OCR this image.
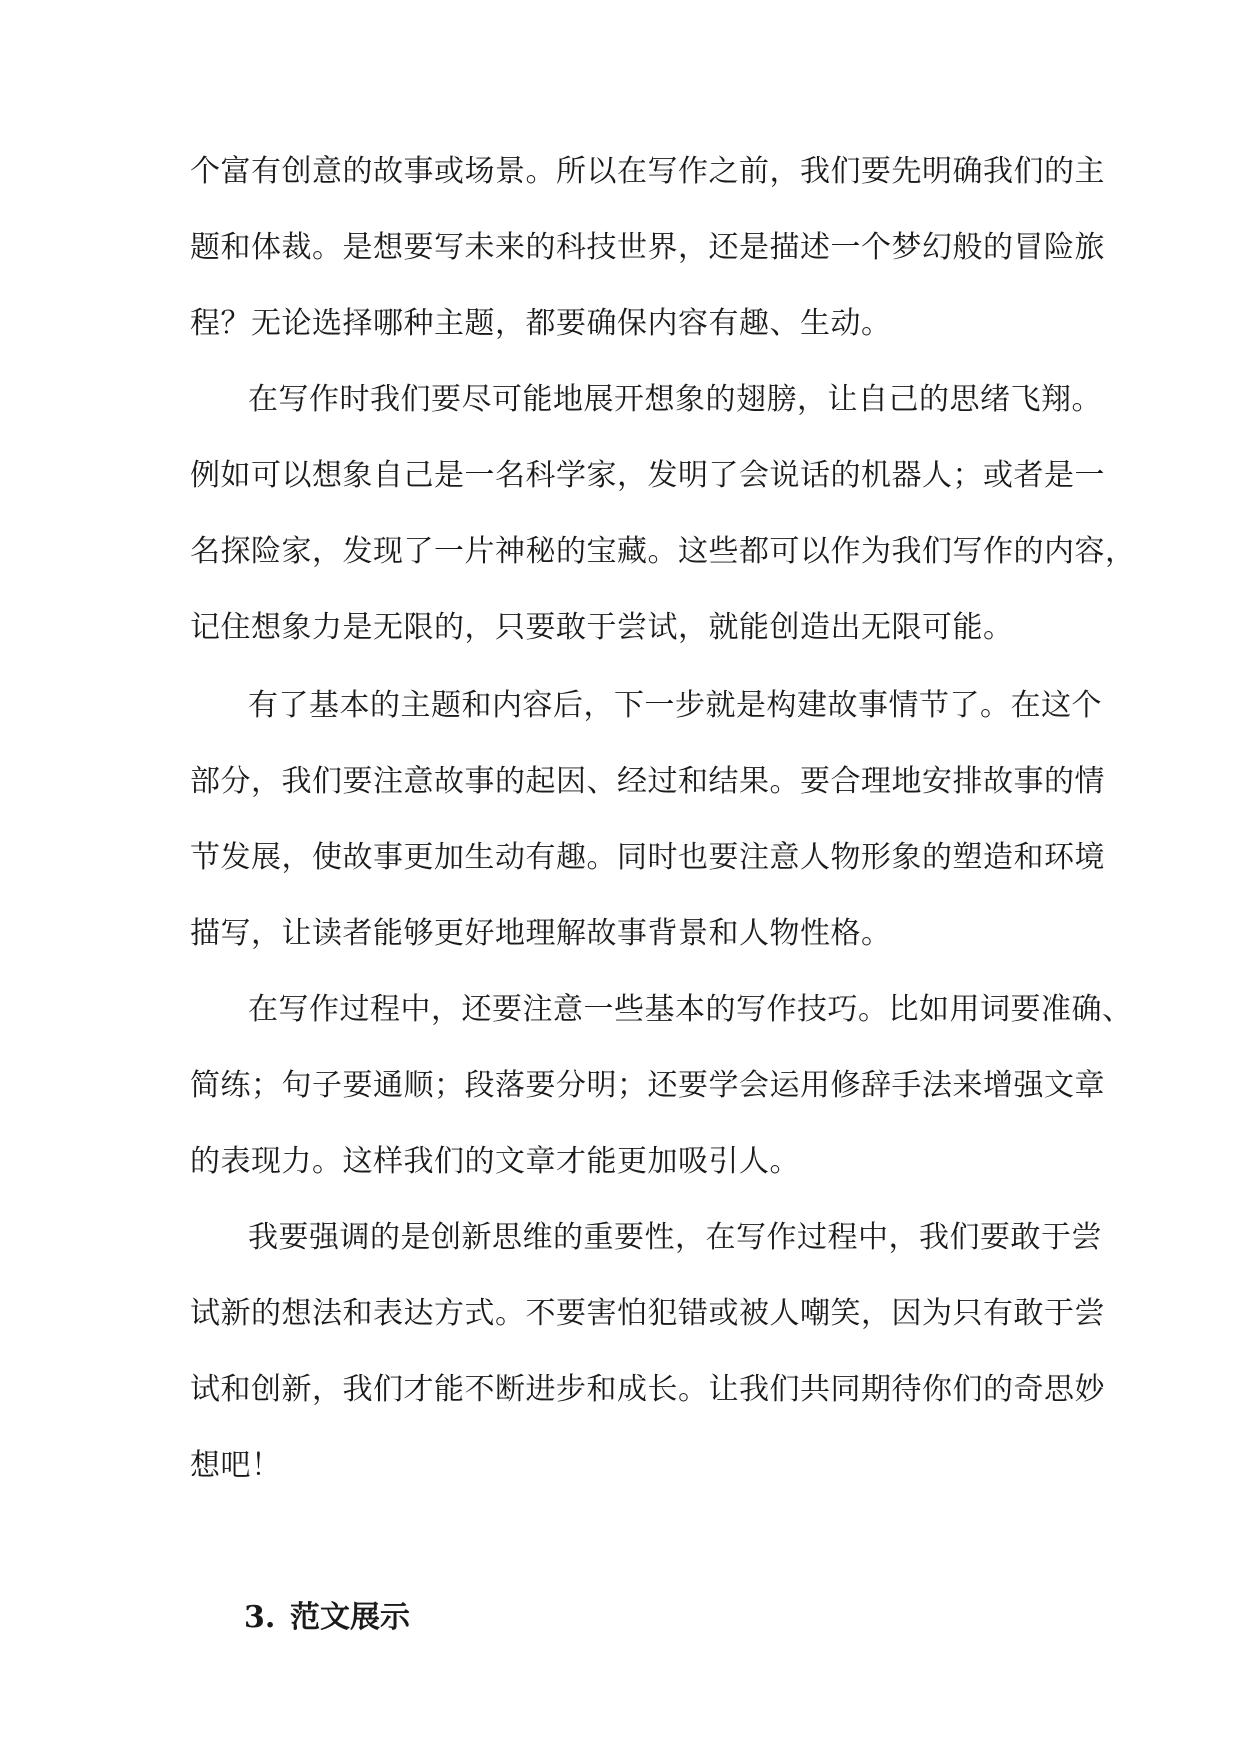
个富有创意的故事或场景。所以在写作之前，我们要先明确我们的主
题和体裁。是想要写未来的科技世界，还是描述一个梦幻般的冒险旅
程？无论选择哪种主题，都要确保内容有趣、生动。
在写作时我们要尽可能地展开想象的翅膀，让自己的思绪飞翔。
例如可以想象自己是一名科学家，发明了会说话的机器人；或者是一
名探险家，发现了一片神秘的宝藏。这些都可以作为我们写作的内容，
记住想象力是无限的，只要敢于尝试，就能创造出无限可能。
有了基本的主题和内容后，下一步就是构建故事情节了。在这个
部分，我们要注意故事的起因、经过和结果。要合理地安排故事的情
节发展，使故事更加生动有趣。同时也要注意人物形象的塑造和环境
描写，让读者能够更好地理解故事背景和人物性格。
在写作过程中，还要注意一些基本的写作技巧。比如用词要准确、
简练；句子要通顺；段落要分明；还要学会运用修辞手法来增强文章
的表现力。这样我们的文章才能更加吸引人。
我要强调的是创新思维的重要性，在写作过程中，我们要敢于尝
试新的想法和表达方式。不要害怕犯错或被人嘲笑，因为只有敢于尝
试和创新，我们才能不断进步和成长。让我们共同期待你们的奇思妙
想吧！
3. 范文展示
